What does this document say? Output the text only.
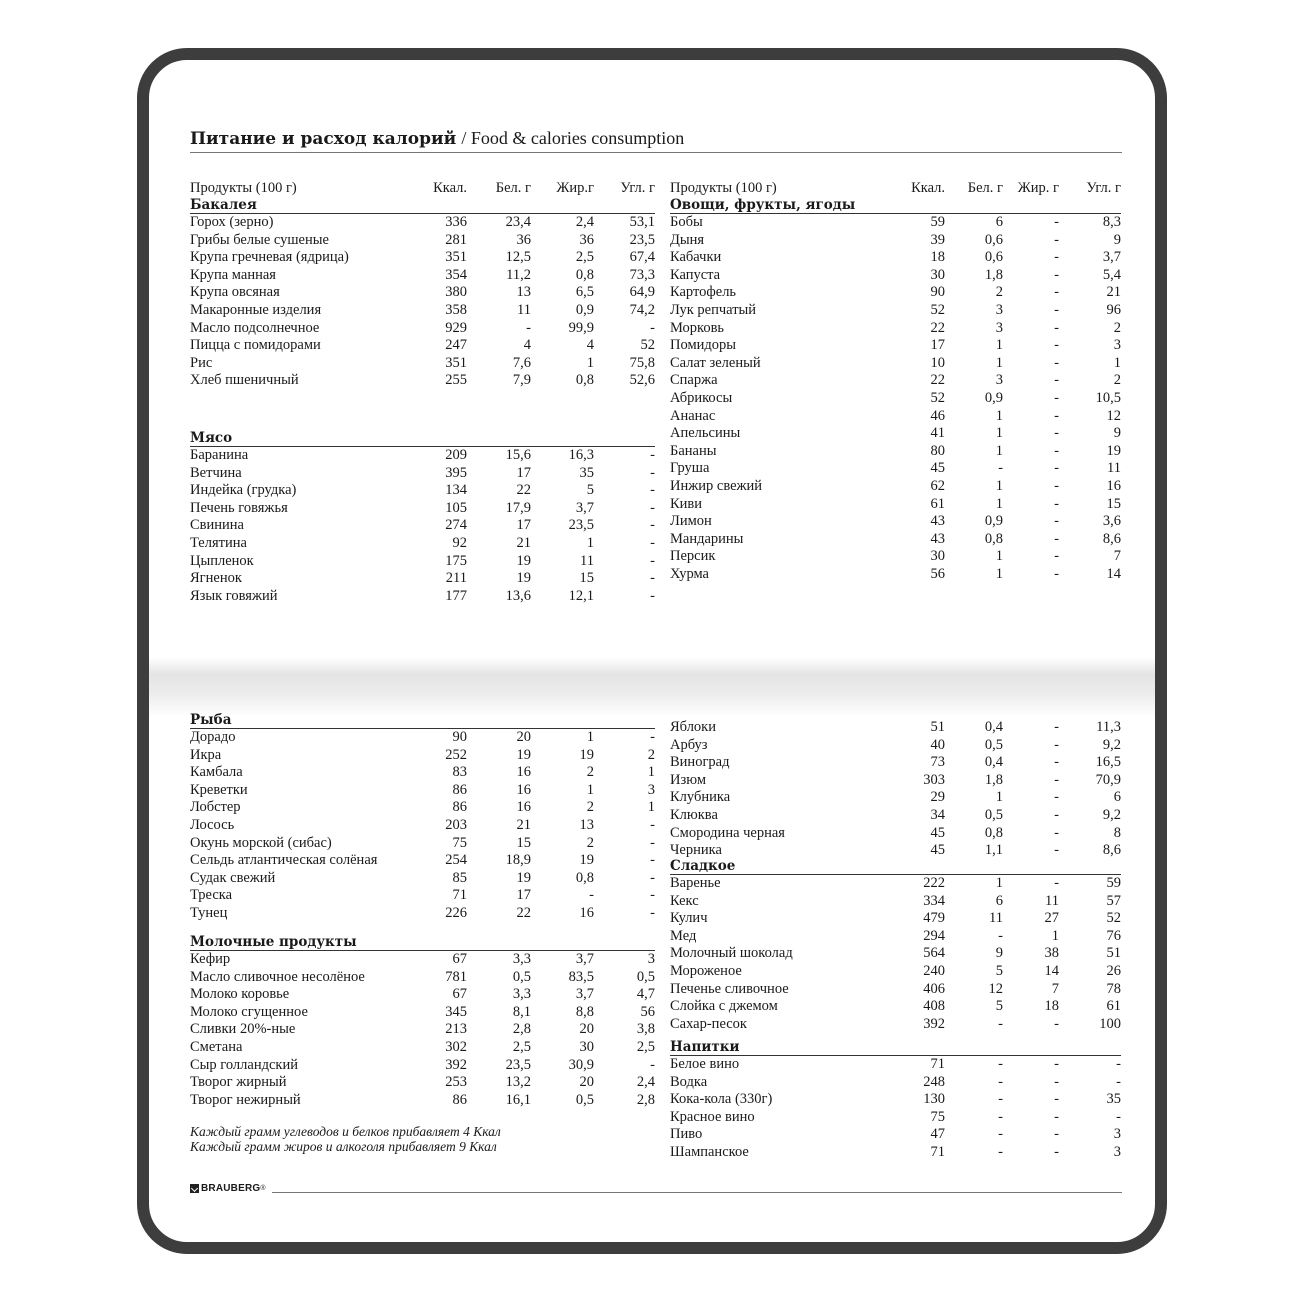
Питание и расход калорий / Food & calories consumption
Продукты (100 г)	Ккал.	Бел. г	Жир.г	Угл. г
Бакалея
Горох (зерно)	336	23,4	2,4	53,1
Грибы белые сушеные	281	36	36	23,5
Крупа гречневая (ядрица)	351	12,5	2,5	67,4
Крупа манная	354	11,2	0,8	73,3
Крупа овсяная	380	13	6,5	64,9
Макаронные изделия	358	11	0,9	74,2
Масло подсолнечное	929	-	99,9	-
Пицца с помидорами	247	4	4	52
Рис	351	7,6	1	75,8
Хлеб пшеничный	255	7,9	0,8	52,6
Мясо
Баранина	209	15,6	16,3	-
Ветчина	395	17	35	-
Индейка (грудка)	134	22	5	-
Печень говяжья	105	17,9	3,7	-
Свинина	274	17	23,5	-
Телятина	92	21	1	-
Цыпленок	175	19	11	-
Ягненок	211	19	15	-
Язык говяжий	177	13,6	12,1	-
Продукты (100 г)	Ккал.	Бел. г	Жир. г	Угл. г
Овощи, фрукты, ягоды
Бобы	59	6	-	8,3
Дыня	39	0,6	-	9
Кабачки	18	0,6	-	3,7
Капуста	30	1,8	-	5,4
Картофель	90	2	-	21
Лук репчатый	52	3	-	96
Морковь	22	3	-	2
Помидоры	17	1	-	3
Салат зеленый	10	1	-	1
Спаржа	22	3	-	2
Абрикосы	52	0,9	-	10,5
Ананас	46	1	-	12
Апельсины	41	1	-	9
Бананы	80	1	-	19
Груша	45	-	-	11
Инжир свежий	62	1	-	16
Киви	61	1	-	15
Лимон	43	0,9	-	3,6
Мандарины	43	0,8	-	8,6
Персик	30	1	-	7
Хурма	56	1	-	14
Рыба
Дорадо	90	20	1	-
Икра	252	19	19	2
Камбала	83	16	2	1
Креветки	86	16	1	3
Лобстер	86	16	2	1
Лосось	203	21	13	-
Окунь морской (сибас)	75	15	2	-
Сельдь атлантическая солёная	254	18,9	19	-
Судак свежий	85	19	0,8	-
Треска	71	17	-	-
Тунец	226	22	16	-
Молочные продукты
Кефир	67	3,3	3,7	3
Масло сливочное несолёное	781	0,5	83,5	0,5
Молоко коровье	67	3,3	3,7	4,7
Молоко сгущенное	345	8,1	8,8	56
Сливки 20%-ные	213	2,8	20	3,8
Сметана	302	2,5	30	2,5
Сыр голландский	392	23,5	30,9	-
Творог жирный	253	13,2	20	2,4
Творог нежирный	86	16,1	0,5	2,8
Яблоки	51	0,4	-	11,3
Арбуз	40	0,5	-	9,2
Виноград	73	0,4	-	16,5
Изюм	303	1,8	-	70,9
Клубника	29	1	-	6
Клюква	34	0,5	-	9,2
Смородина черная	45	0,8	-	8
Черника	45	1,1	-	8,6
Сладкое
Варенье	222	1	-	59
Кекс	334	6	11	57
Кулич	479	11	27	52
Мед	294	-	1	76
Молочный шоколад	564	9	38	51
Мороженое	240	5	14	26
Печенье сливочное	406	12	7	78
Слойка с джемом	408	5	18	61
Сахар-песок	392	-	-	100
Напитки
Белое вино	71	-	-	-
Водка	248	-	-	-
Кока-кола (330г)	130	-	-	35
Красное вино	75	-	-	-
Пиво	47	-	-	3
Шампанское	71	-	-	3
Каждый грамм углеводов и белков прибавляет 4 Ккал
Каждый грамм жиров и алкоголя прибавляет 9 Ккал
BRAUBERG ®
